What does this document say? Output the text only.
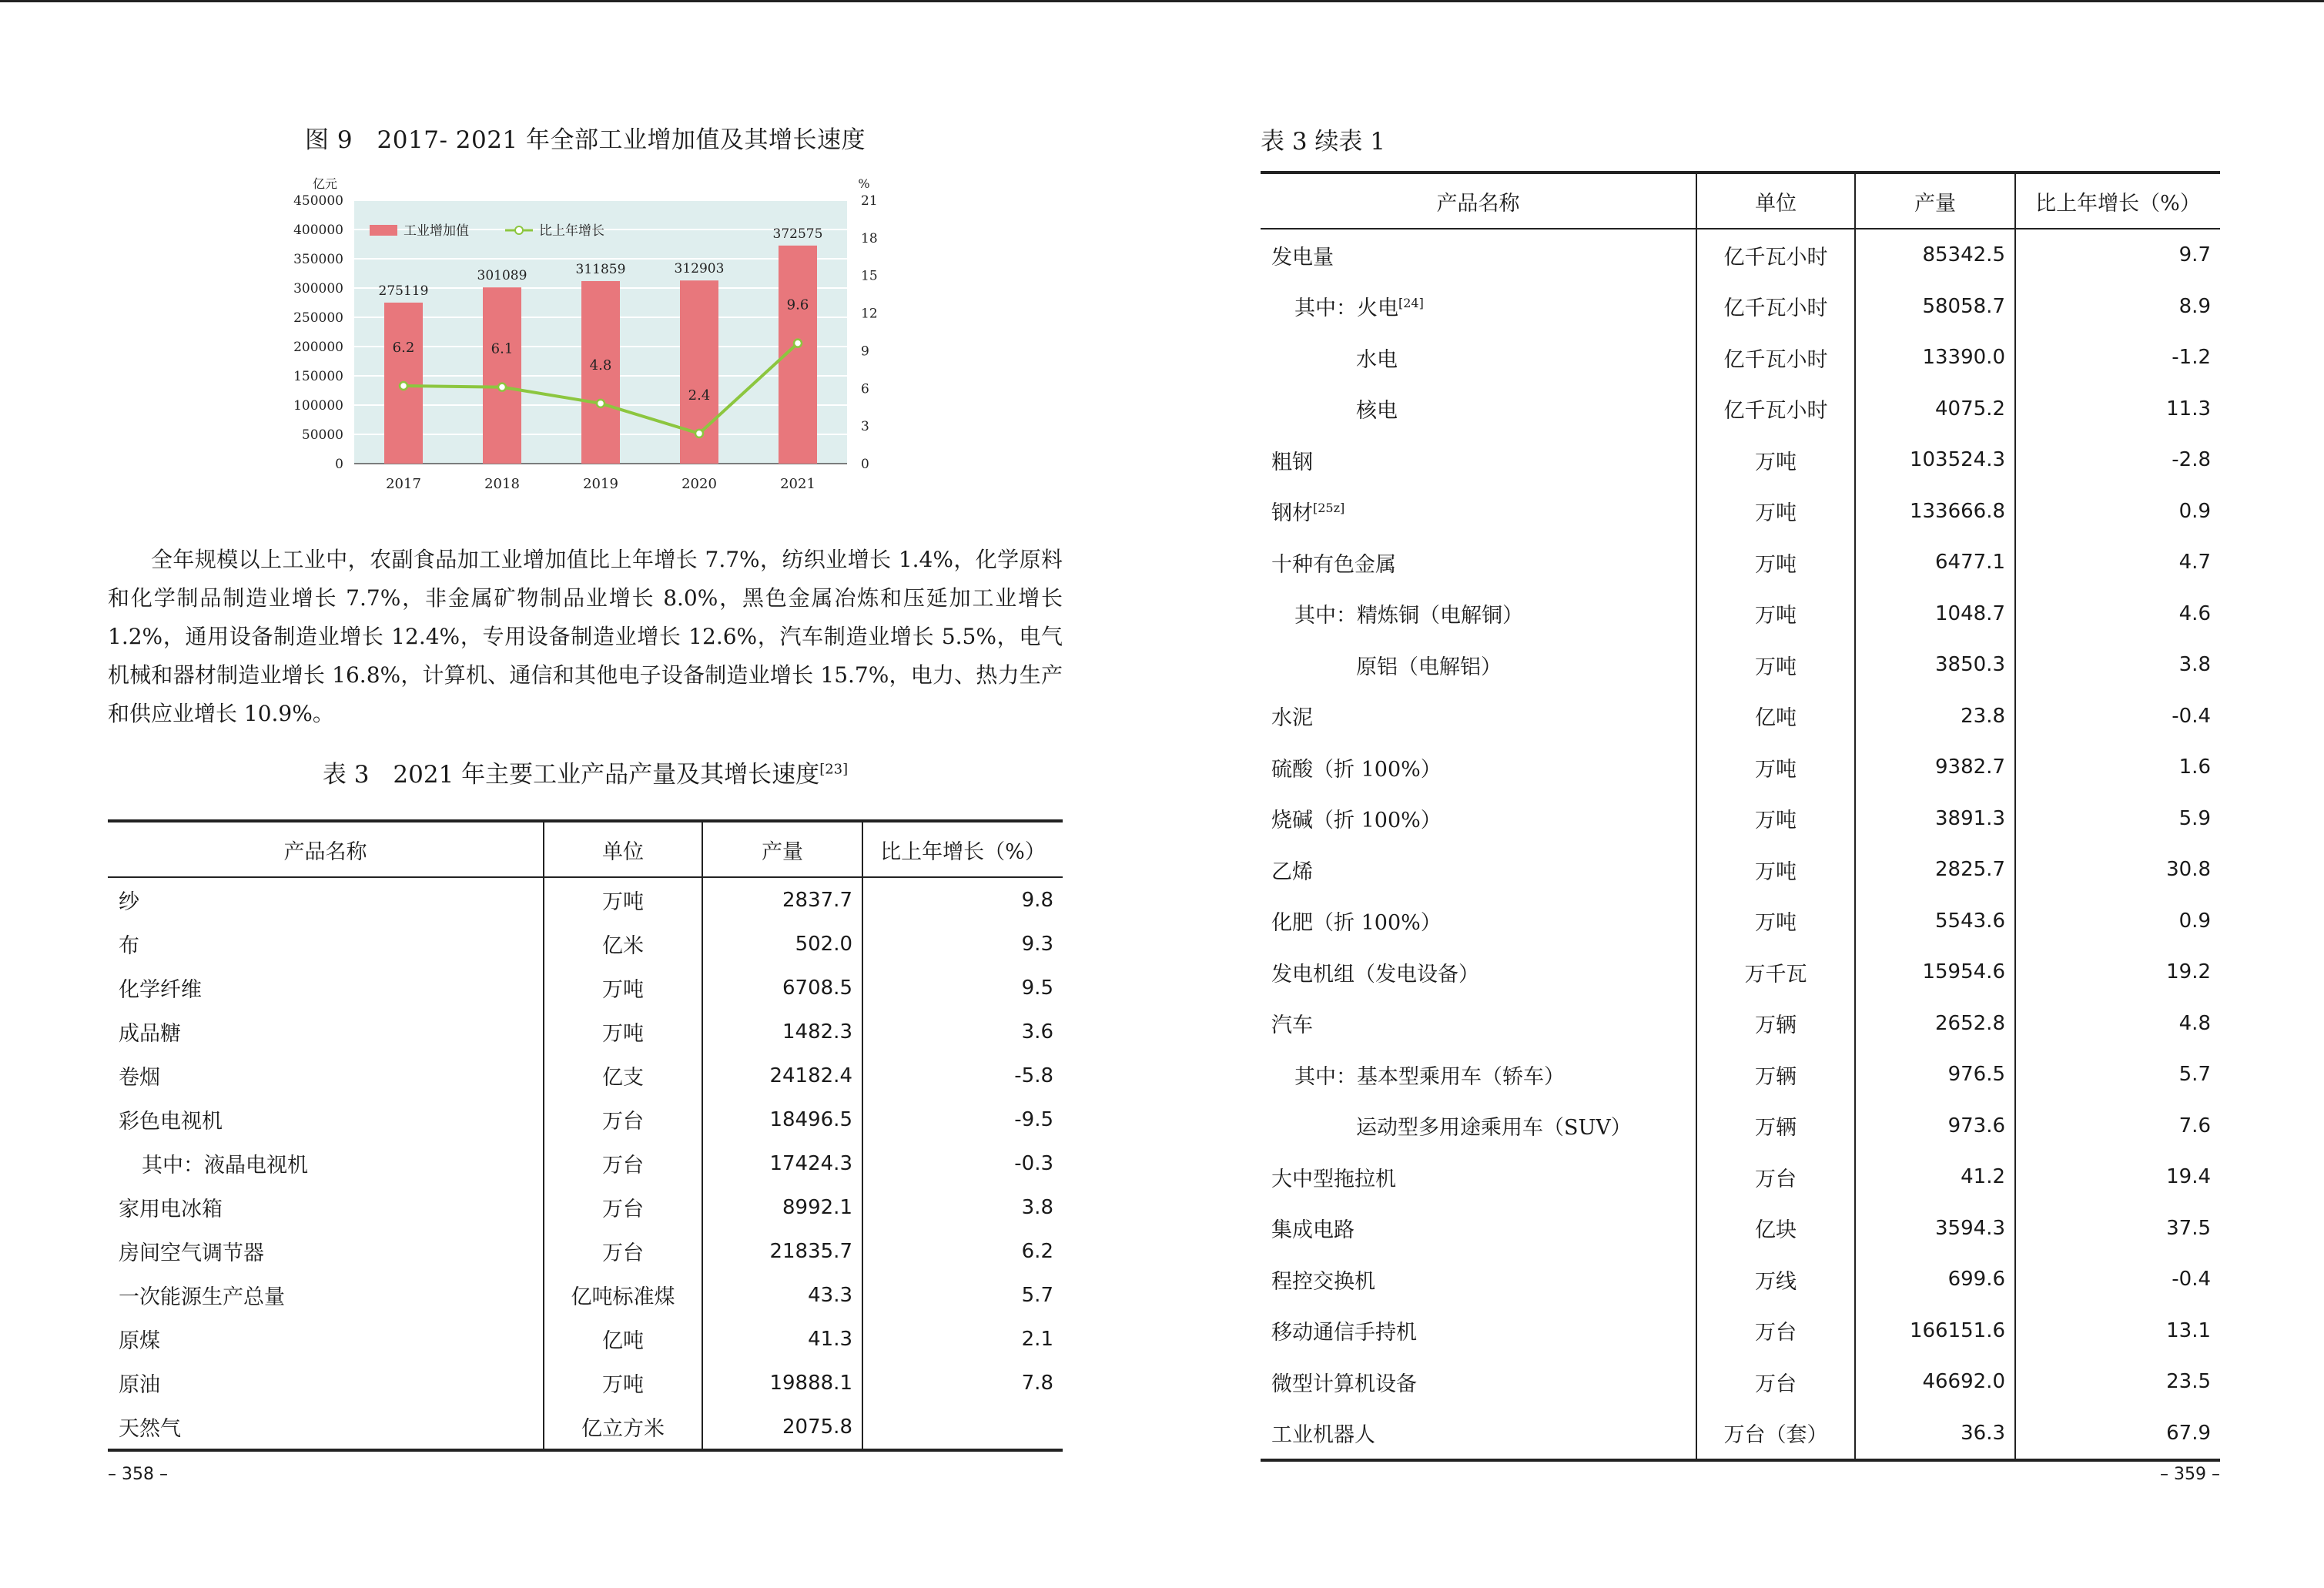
图 9　2017- 2021 年全部工业增加值及其增长速度
0
50000
100000
150000
200000
250000
300000
350000
400000
450000
0
3
6
9
12
15
18
21
亿元	%
2017	2018	2019	2020	2021
275119
301089	311859	312903
372575
6.2	6.1
4.8
2.4
9.6
工业增加值	比上年增长
全年规模以上工业中，农副食品加工业增加值比上年增长 7.7%，纺织业增长 1.4%，化学原料和化学制品制造业增长 7.7%，非金属矿物制品业增长 8.0%，黑色金属冶炼和压延加工业增长 1.2%，通用设备制造业增长 12.4%，专用设备制造业增长 12.6%，汽车制造业增长 5.5%，电气机械和器材制造业增长 16.8%，计算机、通信和其他电子设备制造业增长 15.7%，电力、热力生产和供应业增长 10.9%。
表 3　2021 年主要工业产品产量及其增长速度[23]
产品名称	单位	产量	比上年增长（%）
纱	万吨	2837.7	9.8
布	亿米	502.0	9.3
化学纤维	万吨	6708.5	9.5
成品糖	万吨	1482.3	3.6
卷烟	亿支	24182.4	-5.8
彩色电视机	万台	18496.5	-9.5
其中：液晶电视机	万台	17424.3	-0.3
家用电冰箱	万台	8992.1	3.8
房间空气调节器	万台	21835.7	6.2
一次能源生产总量	亿吨标准煤	43.3	5.7
原煤	亿吨	41.3	2.1
原油	万吨	19888.1	7.8
天然气	亿立方米	2075.8	
– 358 –
表 3 续表 1
产品名称	单位	产量	比上年增长（%）
发电量	亿千瓦小时	85342.5	9.7
其中：火电[24]	亿千瓦小时	58058.7	8.9
水电	亿千瓦小时	13390.0	-1.2
核电	亿千瓦小时	4075.2	11.3
粗钢	万吨	103524.3	-2.8
钢材[25z]	万吨	133666.8	0.9
十种有色金属	万吨	6477.1	4.7
其中：精炼铜（电解铜）	万吨	1048.7	4.6
原铝（电解铝）	万吨	3850.3	3.8
水泥	亿吨	23.8	-0.4
硫酸（折 100%）	万吨	9382.7	1.6
烧碱（折 100%）	万吨	3891.3	5.9
乙烯	万吨	2825.7	30.8
化肥（折 100%）	万吨	5543.6	0.9
发电机组（发电设备）	万千瓦	15954.6	19.2
汽车	万辆	2652.8	4.8
其中：基本型乘用车（轿车）	万辆	976.5	5.7
运动型多用途乘用车（SUV）	万辆	973.6	7.6
大中型拖拉机	万台	41.2	19.4
集成电路	亿块	3594.3	37.5
程控交换机	万线	699.6	-0.4
移动通信手持机	万台	166151.6	13.1
微型计算机设备	万台	46692.0	23.5
工业机器人	万台（套）	36.3	67.9
– 359 –
